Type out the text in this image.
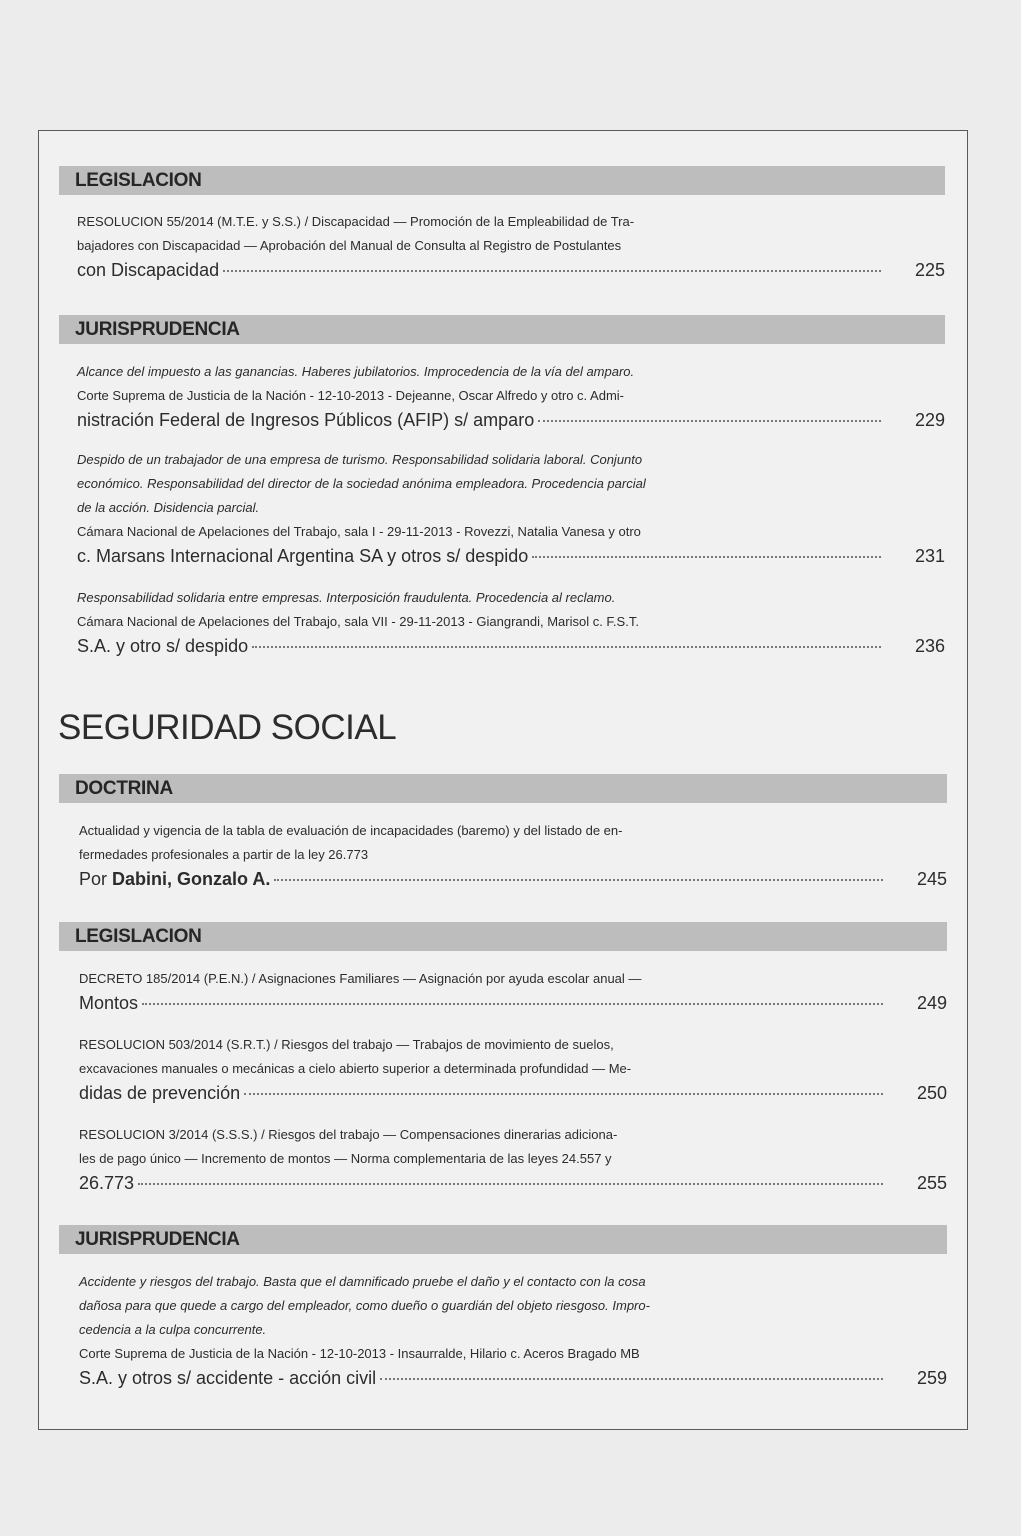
LEGISLACION
RESOLUCION 55/2014 (M.T.E. y S.S.) / Discapacidad — Promoción de la Empleabilidad de Tra-
bajadores con Discapacidad — Aprobación del Manual de Consulta al Registro de Postulantes
con Discapacidad	225
JURISPRUDENCIA
Alcance del impuesto a las ganancias. Haberes jubilatorios. Improcedencia de la vía del amparo.
Corte Suprema de Justicia de la Nación - 12-10-2013 - Dejeanne, Oscar Alfredo y otro c. Admi-
nistración Federal de Ingresos Públicos (AFIP) s/ amparo	229
Despido de un trabajador de una empresa de turismo. Responsabilidad solidaria laboral. Conjunto
económico. Responsabilidad del director de la sociedad anónima empleadora. Procedencia parcial
de la acción. Disidencia parcial.
Cámara Nacional de Apelaciones del Trabajo, sala I - 29-11-2013 - Rovezzi, Natalia Vanesa y otro
c. Marsans Internacional Argentina SA y otros s/ despido	231
Responsabilidad solidaria entre empresas. Interposición fraudulenta. Procedencia al reclamo.
Cámara Nacional de Apelaciones del Trabajo, sala VII - 29-11-2013 - Giangrandi, Marisol c. F.S.T.
S.A. y otro s/ despido	236
SEGURIDAD SOCIAL
DOCTRINA
Actualidad y vigencia de la tabla de evaluación de incapacidades (baremo) y del listado de en-
fermedades profesionales a partir de la ley 26.773
Por Dabini, Gonzalo A.	245
LEGISLACION
DECRETO 185/2014 (P.E.N.) / Asignaciones Familiares — Asignación por ayuda escolar anual —
Montos	249
RESOLUCION 503/2014 (S.R.T.) / Riesgos del trabajo — Trabajos de movimiento de suelos,
excavaciones manuales o mecánicas a cielo abierto superior a determinada profundidad — Me-
didas de prevención	250
RESOLUCION 3/2014 (S.S.S.) / Riesgos del trabajo — Compensaciones dinerarias adiciona-
les de pago único — Incremento de montos — Norma complementaria de las leyes 24.557 y
26.773	255
JURISPRUDENCIA
Accidente y riesgos del trabajo. Basta que el damnificado pruebe el daño y el contacto con la cosa
dañosa para que quede a cargo del empleador, como dueño o guardián del objeto riesgoso. Impro-
cedencia a la culpa concurrente.
Corte Suprema de Justicia de la Nación - 12-10-2013 - Insaurralde, Hilario c. Aceros Bragado MB
S.A. y otros s/ accidente - acción civil	259
